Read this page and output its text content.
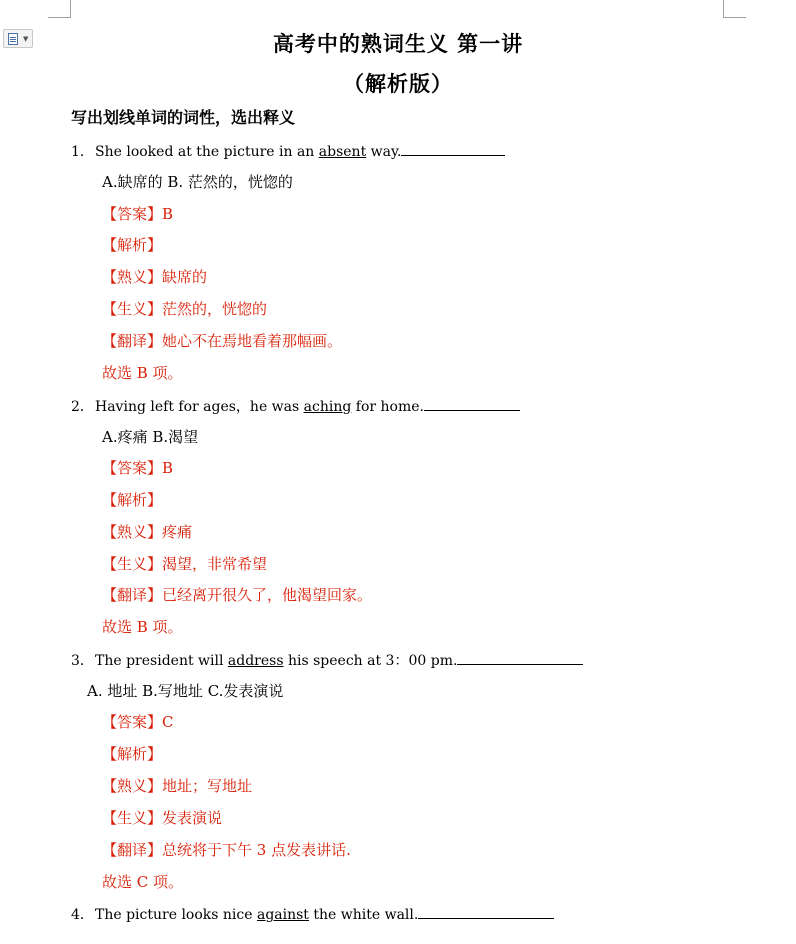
▼	高考中的熟词生义 第一讲
（解析版）
写出划线单词的词性，选出释义
1．She looked at the picture in an absent way.
A.缺席的 B. 茫然的，恍惚的
【答案】B
【解析】
【熟义】缺席的
【生义】茫然的，恍惚的
【翻译】她心不在焉地看着那幅画。
故选 B 项。
2．Having left for ages，he was aching for home.
A.疼痛 B.渴望
【答案】B
【解析】
【熟义】疼痛
【生义】渴望，非常希望
【翻译】已经离开很久了，他渴望回家。
故选 B 项。
3．The president will address his speech at 3：00 pm.
A. 地址 B.写地址 C.发表演说
【答案】C
【解析】
【熟义】地址；写地址
【生义】发表演说
【翻译】总统将于下午 3 点发表讲话.
故选 C 项。
4．The picture looks nice against the white wall.
